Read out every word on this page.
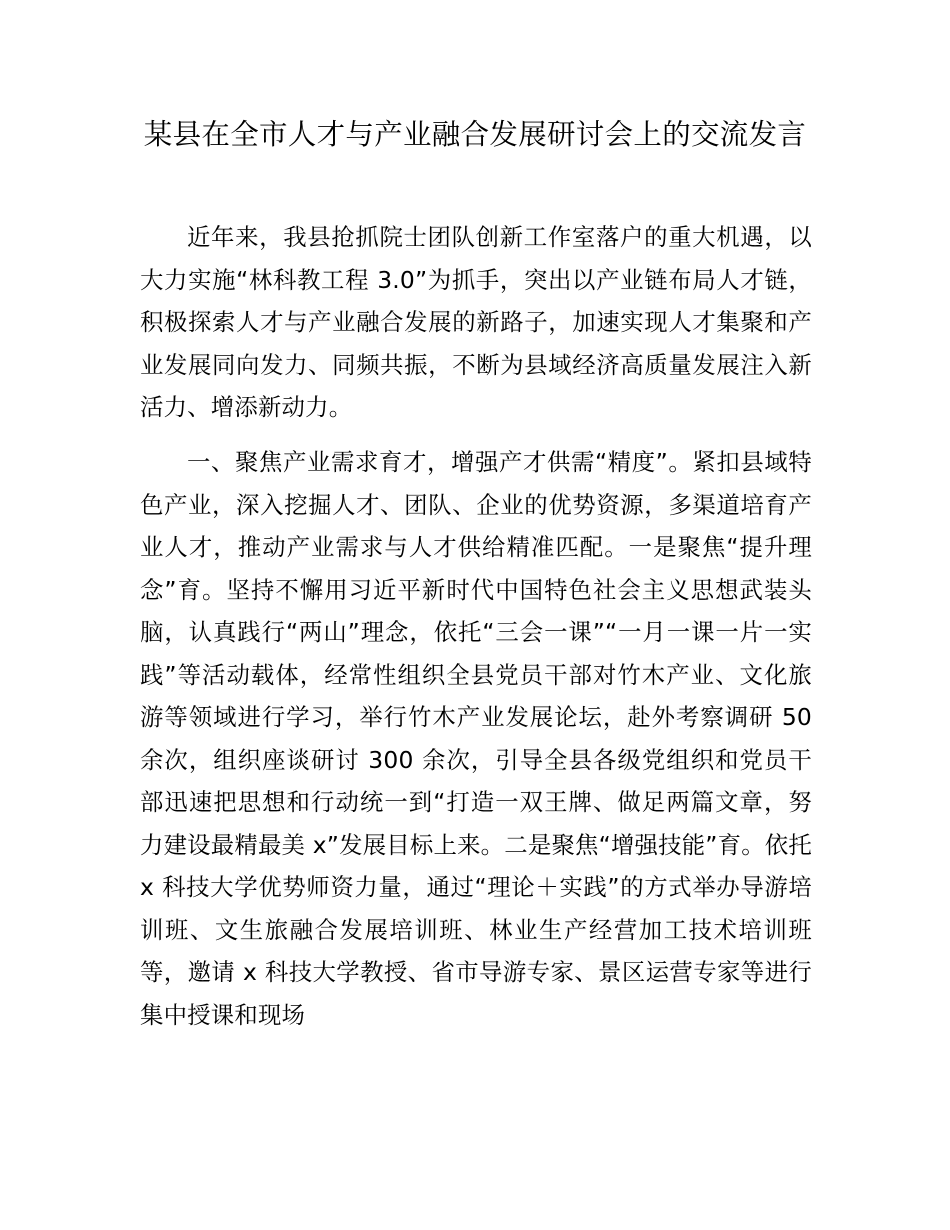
某县在全市人才与产业融合发展研讨会上的交流发言

近年来，我县抢抓院士团队创新工作室落户的重大机遇，以大力实施“林科教工程 3.0”为抓手，突出以产业链布局人才链，积极探索人才与产业融合发展的新路子，加速实现人才集聚和产业发展同向发力、同频共振，不断为县域经济高质量发展注入新活力、增添新动力。

一、聚焦产业需求育才，增强产才供需“精度”。紧扣县域特色产业，深入挖掘人才、团队、企业的优势资源，多渠道培育产业人才，推动产业需求与人才供给精准匹配。一是聚焦“提升理念”育。坚持不懈用习近平新时代中国特色社会主义思想武装头脑，认真践行“两山”理念，依托“三会一课”“一月一课一片一实践”等活动载体，经常性组织全县党员干部对竹木产业、文化旅游等领域进行学习，举行竹木产业发展论坛，赴外考察调研 50 余次，组织座谈研讨 300 余次，引导全县各级党组织和党员干部迅速把思想和行动统一到“打造一双王牌、做足两篇文章，努力建设最精最美 x”发展目标上来。二是聚焦“增强技能”育。依托 x 科技大学优势师资力量，通过“理论＋实践”的方式举办导游培训班、文生旅融合发展培训班、林业生产经营加工技术培训班等，邀请 x 科技大学教授、省市导游专家、景区运营专家等进行集中授课和现场
